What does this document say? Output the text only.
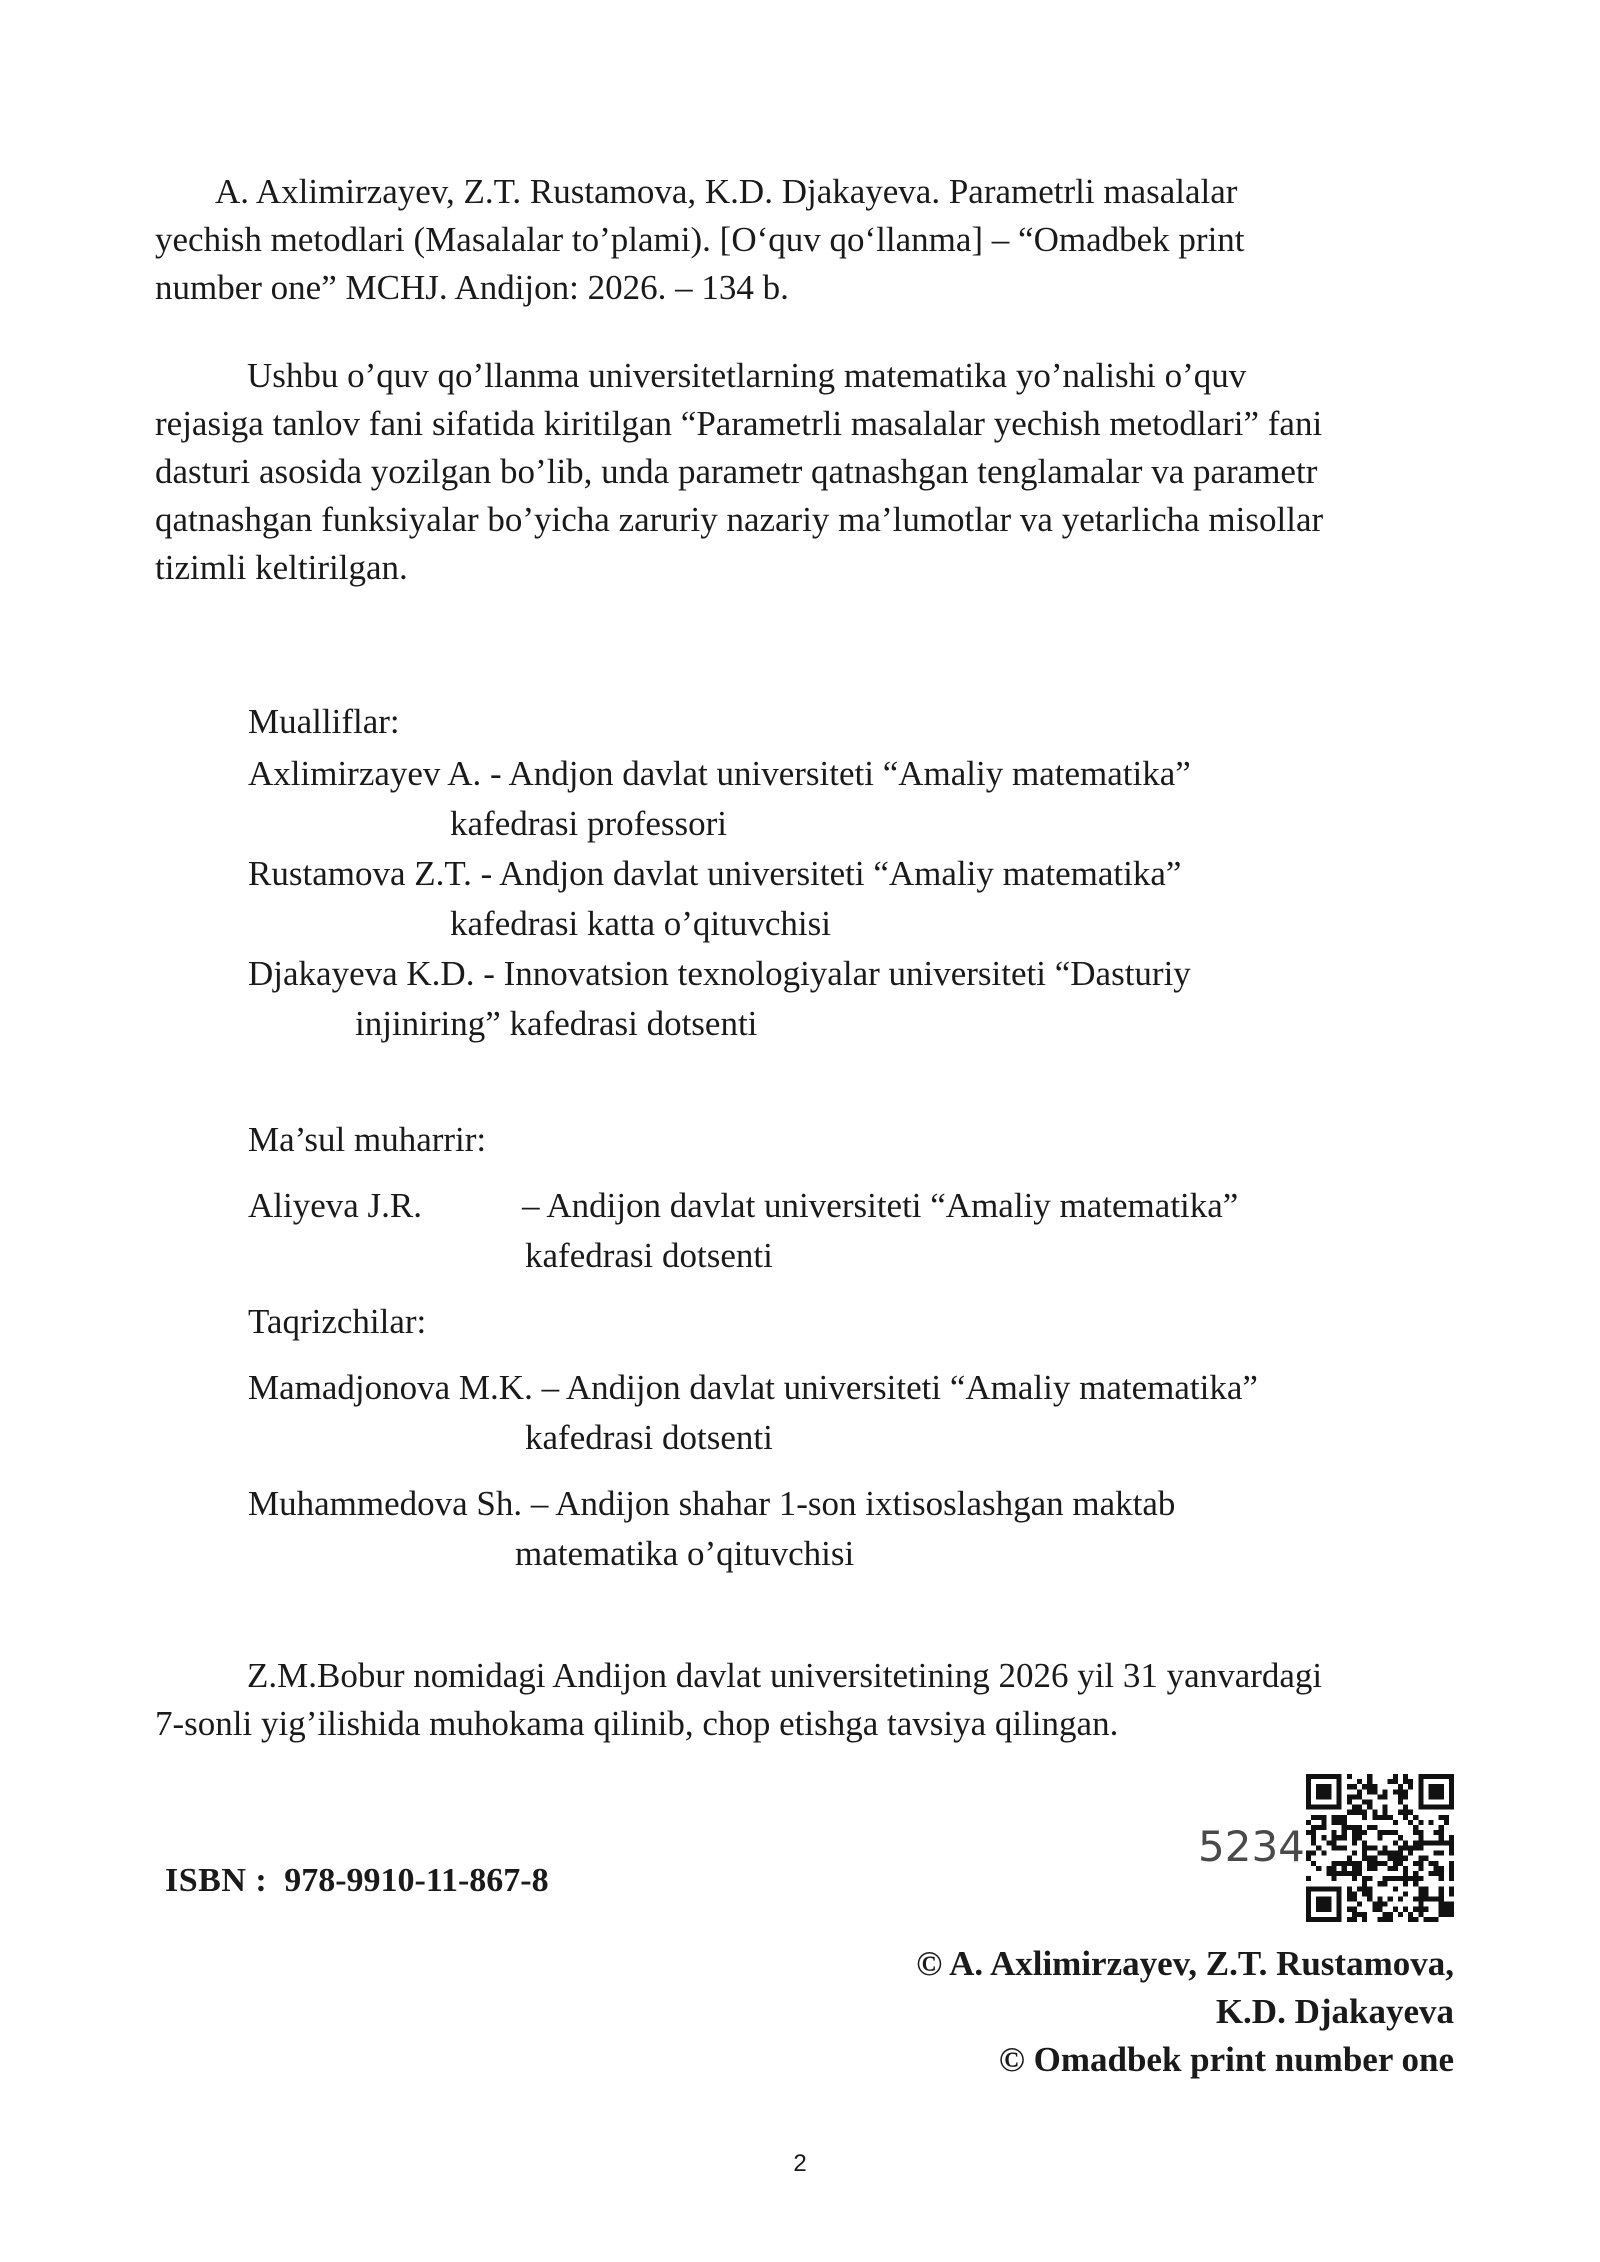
A. Axlimirzayev, Z.T. Rustamova, K.D. Djakayeva. Parametrli masalalar

yechish metodlari (Masalalar to’plami). [O‘quv qo‘llanma] – “Omadbek print

number one” MCHJ. Andijon: 2026. – 134 b.

Ushbu o’quv qo’llanma universitetlarning matematika yo’nalishi o’quv

rejasiga tanlov fani sifatida kiritilgan “Parametrli masalalar yechish metodlari” fani

dasturi asosida yozilgan bo’lib, unda parametr qatnashgan tenglamalar va parametr

qatnashgan funksiyalar bo’yicha zaruriy nazariy ma’lumotlar va yetarlicha misollar

tizimli keltirilgan.

Mualliflar:
Axlimirzayev A. - Andjon davlat universiteti “Amaliy matematika”
kafedrasi professori
Rustamova Z.T. - Andjon davlat universiteti “Amaliy matematika”
kafedrasi katta o’qituvchisi
Djakayeva K.D. - Innovatsion texnologiyalar universiteti “Dasturiy
injiniring” kafedrasi dotsenti
Ma’sul muharrir:
Aliyeva J.R.	– Andijon davlat universiteti “Amaliy matematika”
kafedrasi dotsenti
Taqrizchilar:
Mamadjonova M.K. – Andijon davlat universiteti “Amaliy matematika”
kafedrasi dotsenti
Muhammedova Sh. – Andijon shahar 1-son ixtisoslashgan maktab
matematika o’qituvchisi

Z.M.Bobur nomidagi Andijon davlat universitetining 2026 yil 31 yanvardagi

7-sonli yig’ilishida muhokama qilinib, chop etishga tavsiya qilingan.

ISBN : 978-9910-11-867-8
5234
© A. Axlimirzayev, Z.T. Rustamova,
K.D. Djakayeva
© Omadbek print number one
2
